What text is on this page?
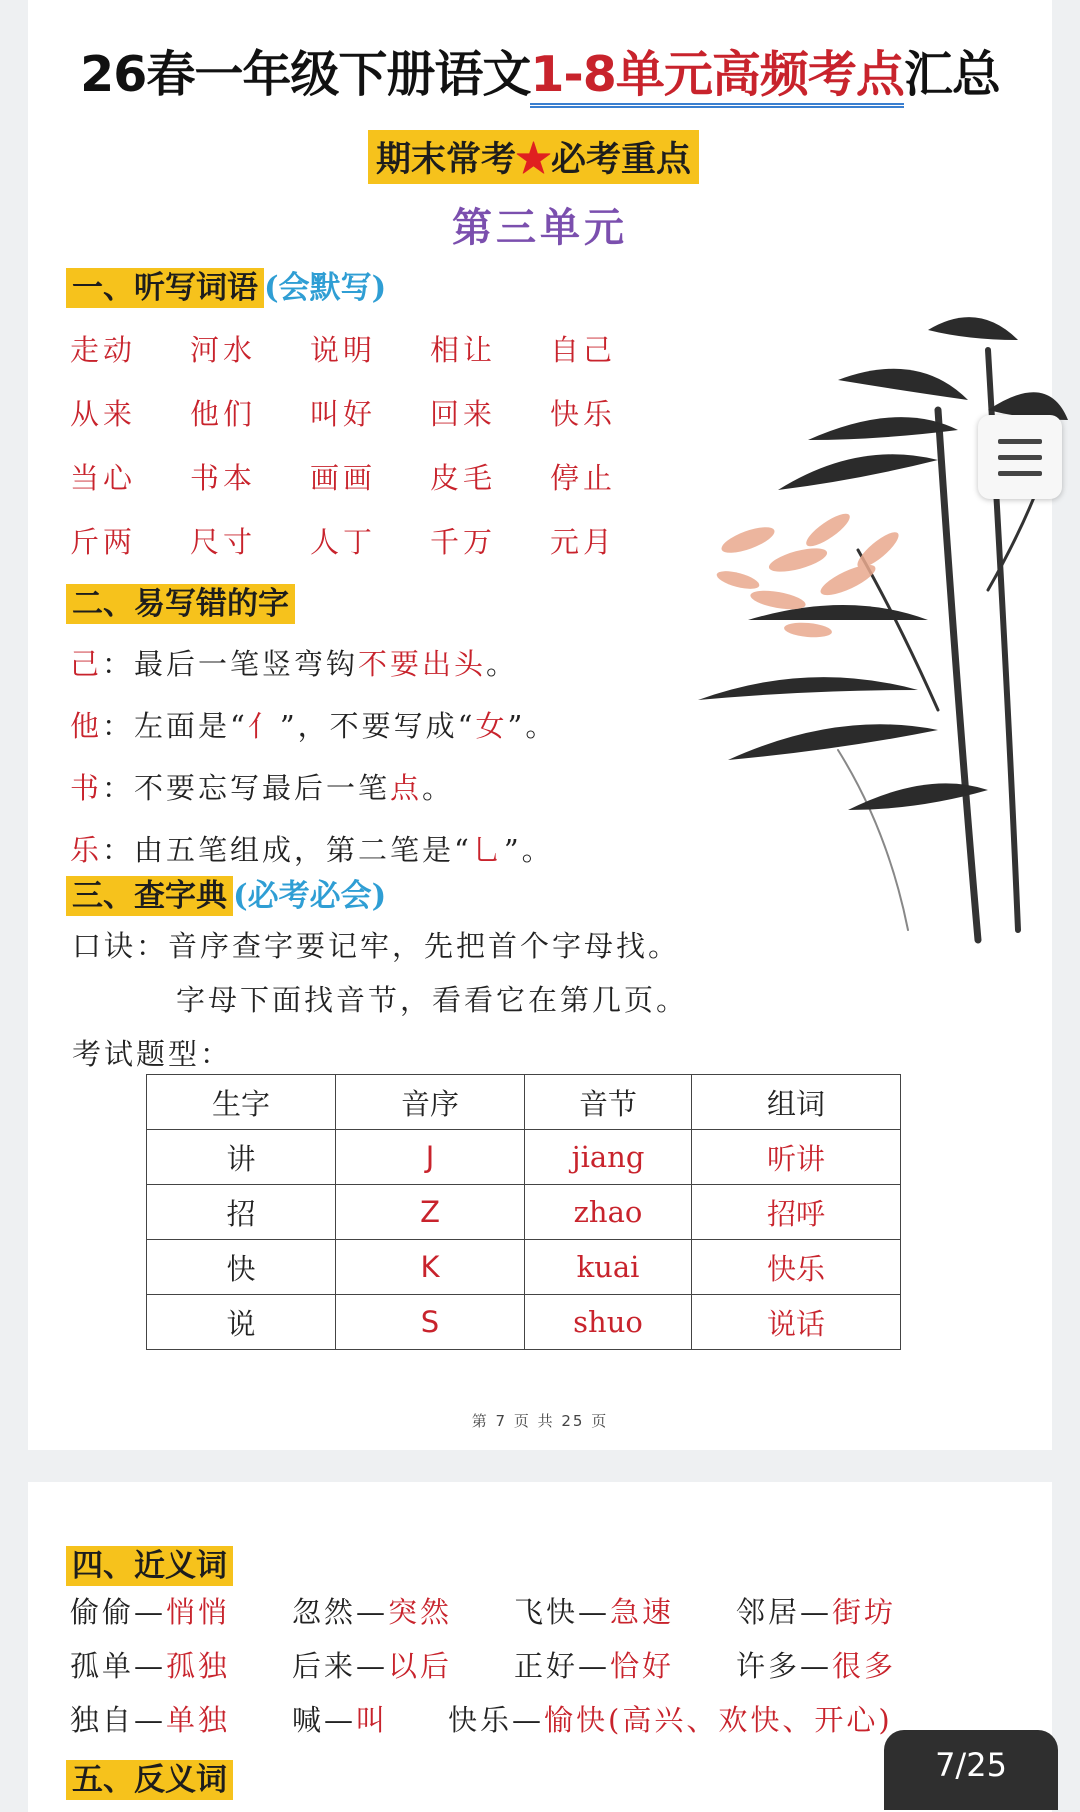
26春一年级下册语文1-8单元高频考点汇总
期末常考★必考重点
第三单元
一、听写词语 (会默写)
走动 河水 说明 相让 自己
从来 他们 叫好 回来 快乐
当心 书本 画画 皮毛 停止
斤两 尺寸 人丁 千万 元月
二、易写错的字
己：最后一笔竖弯钩不要出头。
他：左面是“亻”，不要写成“女”。
书：不要忘写最后一笔点。
乐：由五笔组成，第二笔是“乚”。
三、查字典 (必考必会)
口诀：音序查字要记牢，先把首个字母找。
字母下面找音节，看看它在第几页。
考试题型：
生字	音序	音节	组词
讲	J	jiang	听讲
招	Z	zhao	招呼
快	K	kuai	快乐
说	S	shuo	说话
第 7 页 共 25 页
四、近义词
偷偷—悄悄 忽然—突然 飞快—急速 邻居—街坊
孤单—孤独 后来—以后 正好—恰好 许多—很多
独自—单独 喊—叫 快乐—愉快(高兴、欢快、开心)
五、反义词	7/25
